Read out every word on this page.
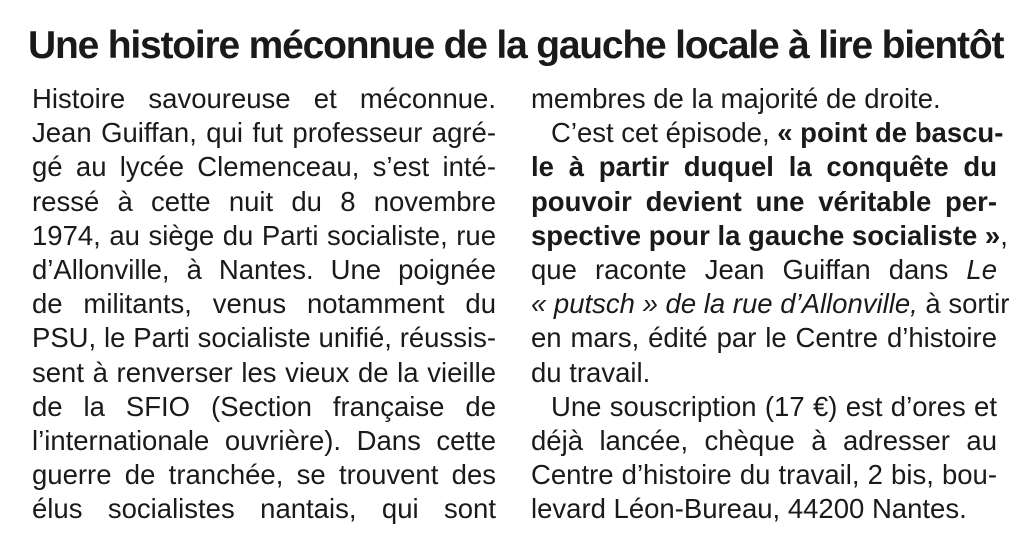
Une histoire méconnue de la gauche locale à lire bientôt
Histoire savoureuse et méconnue.
Jean Guiffan, qui fut professeur agré-
gé au lycée Clemenceau, s’est inté-
ressé à cette nuit du 8 novembre
1974, au siège du Parti socialiste, rue
d’Allonville, à Nantes. Une poignée
de militants, venus notamment du
PSU, le Parti socialiste unifié, réussis-
sent à renverser les vieux de la vieille
de la SFIO (Section française de
l’internationale ouvrière). Dans cette
guerre de tranchée, se trouvent des
élus socialistes nantais, qui sont
membres de la majorité de droite.
C’est cet épisode, « point de bascu-
le à partir duquel la conquête du
pouvoir devient une véritable per-
spective pour la gauche socialiste »,
que raconte Jean Guiffan dans Le
« putsch » de la rue d’Allonville, à sortir
en mars, édité par le Centre d’histoire
du travail.
Une souscription (17 €) est d’ores et
déjà lancée, chèque à adresser au
Centre d’histoire du travail, 2 bis, bou-
levard Léon-Bureau, 44200 Nantes.
